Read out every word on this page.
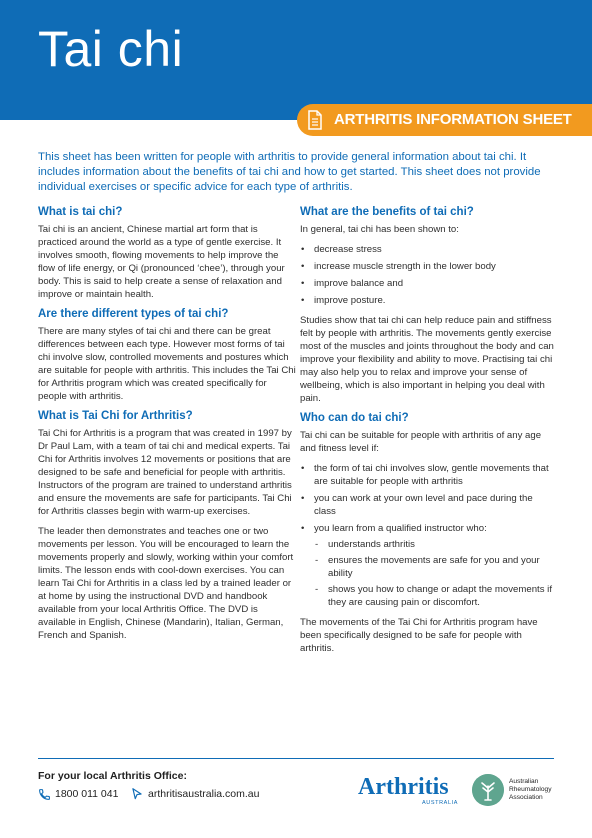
Tai chi
ARTHRITIS INFORMATION SHEET
This sheet has been written for people with arthritis to provide general information about tai chi. It includes information about the benefits of tai chi and how to get started. This sheet does not provide individual exercises or specific advice for each type of arthritis.
What is tai chi?

Tai chi is an ancient, Chinese martial art form that is practiced around the world as a type of gentle exercise. It involves smooth, flowing movements to help improve the flow of life energy, or Qi (pronounced ‘chee’), through your body. This is said to help create a sense of relaxation and improve or maintain health.

Are there different types of tai chi?

There are many styles of tai chi and there can be great differences between each type. However most forms of tai chi involve slow, controlled movements and postures which are suitable for people with arthritis. This includes the Tai Chi for Arthritis program which was created specifically for people with arthritis.

What is Tai Chi for Arthritis?

Tai Chi for Arthritis is a program that was created in 1997 by Dr Paul Lam, with a team of tai chi and medical experts. Tai Chi for Arthritis involves 12 movements or positions that are designed to be safe and beneficial for people with arthritis. Instructors of the program are trained to understand arthritis and ensure the movements are safe for participants. Tai Chi for Arthritis classes begin with warm-up exercises.

The leader then demonstrates and teaches one or two movements per lesson. You will be encouraged to learn the movements properly and slowly, working within your comfort limits. The lesson ends with cool-down exercises. You can learn Tai Chi for Arthritis in a class led by a trained leader or at home by using the instructional DVD and handbook available from your local Arthritis Office. The DVD is available in English, Chinese (Mandarin), Italian, German, French and Spanish.

What are the benefits of tai chi?

In general, tai chi has been shown to:

• decrease stress
• increase muscle strength in the lower body
• improve balance and
• improve posture.

Studies show that tai chi can help reduce pain and stiffness felt by people with arthritis. The movements gently exercise most of the muscles and joints throughout the body and can improve your flexibility and ability to move. Practising tai chi may also help you to relax and improve your sense of wellbeing, which is also important in helping you deal with pain.

Who can do tai chi?

Tai chi can be suitable for people with arthritis of any age and fitness level if:

• the form of tai chi involves slow, gentle movements that are suitable for people with arthritis
• you can work at your own level and pace during the class
• you learn from a qualified instructor who:
- understands arthritis
- ensures the movements are safe for you and your ability
- shows you how to change or adapt the movements if they are causing pain or discomfort.

The movements of the Tai Chi for Arthritis program have been specifically designed to be safe for people with arthritis.

For your local Arthritis Office:
1800 011 041	arthritisaustralia.com.au	Arthritis
AUSTRALIA
Australian
Rheumatology
Association
